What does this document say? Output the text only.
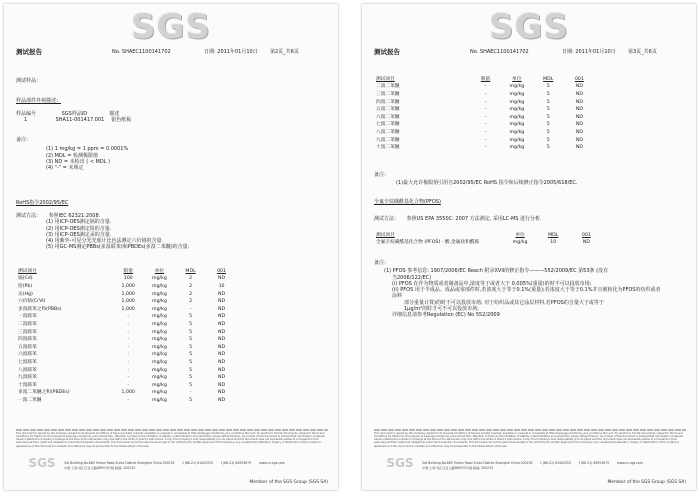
SGS
测试报告	No. SHAEC1100141702	日期: 2011年01月10日 第2页_共6页
测试样品：
样品部件外观描述：
样品编号	SGS样品ID	描述
1	SHA11-001417.001 银色纸板
备注：
(1) 1 mg/kg = 1 ppm = 0.0001%
(2) MDL = 检测极限值
(3) ND = 未检出 ( < MDL )
(4) "-" = 未规定
RoHS指令2002/95/EC
测试方法： 参照IEC 62321:2008.
(1) 用ICP-OES测定镉的含量.
(2) 用ICP-OES测定铅的含量.
(3) 用ICP-OES测定汞的含量.
(4) 用紫外-可见分光光度计比色法测定六价铬的含量.
(5) 用GC-MS测定PBBs(多溴联苯)和PBDEs(多溴二苯醚)的含量.
测试项目	限值	单位	MDL	001
镉(Cd)	100	mg/kg	2	ND
铅(Pb)	1,000	mg/kg	2	10
汞(Hg)	1,000	mg/kg	2	ND
六价铬(CrVI)	1,000	mg/kg	2	ND
多溴联苯之和(PBBs)	1,000	mg/kg	-	ND
一溴联苯	-	mg/kg	5	ND
二溴联苯	-	mg/kg	5	ND
三溴联苯	-	mg/kg	5	ND
四溴联苯	-	mg/kg	5	ND
五溴联苯	-	mg/kg	5	ND
六溴联苯	-	mg/kg	5	ND
七溴联苯	-	mg/kg	5	ND
八溴联苯	-	mg/kg	5	ND
九溴联苯	-	mg/kg	5	ND
十溴联苯	-	mg/kg	5	ND
多溴二苯醚之和(PBDEs)	1,000	mg/kg	-	ND
一溴二苯醚	-	mg/kg	5	ND
This document is issued by the Company subject to its General Conditions of Service printed overleaf, available on request or accessible at http://www.sgs.com/terms_and_conditions.htm and, for electronic format documents, subject to Terms and Conditions for Electronic Documents at www.sgs.com/terms_e-document.htm. Attention is drawn to the limitation of liability, indemnification and jurisdiction issues defined therein. Any holder of this document is advised that information contained hereon reflects the Company's findings at the time of its intervention only and within the limits of Client's instructions, if any. The Company's sole responsibility is to its Client and this document does not exonerate parties to a transaction from exercising all their rights and obligations under the transaction documents. This document cannot be reproduced except in full, without prior written approval of the Company. Any unauthorized alteration, forgery or falsification of the content or appearance of this document is unlawful and offenders may be prosecuted to the fullest extent of the law.
SGS	3rd Building,No.889 Yishan Road Xuhui District Shanghai China 200233	t (86-21) 61402553	f (86-21) 64953679	www.cn.sgs.com
中国·上海·徐汇区宜山路889号3号楼 邮编: 200233
Member of the SGS Group (SGS SA)
SGS
测试报告	No. SHAEC1100141702	日期: 2011年01月10日 第3页_共6页
测试项目	限值	单位	MDL	001
二溴二苯醚	-	mg/kg	5	ND
三溴二苯醚	-	mg/kg	5	ND
四溴二苯醚	-	mg/kg	5	ND
五溴二苯醚	-	mg/kg	5	ND
六溴二苯醚	-	mg/kg	5	ND
七溴二苯醚	-	mg/kg	5	ND
八溴二苯醚	-	mg/kg	5	ND
九溴二苯醚	-	mg/kg	5	ND
十溴二苯醚	-	mg/kg	5	ND
备注：
(1)最大允许极限值引用自2002/95/EC RoHS 指令和后续修正指令2005/618/EC.
全氟辛烷磺酰基化合物(PFOS)
测试方法： 参照US EPA 3550C: 2007 方法测定, 采用LC-MS 进行分析.
测试项目	单位	MDL	001
全氟辛烷磺酰基化合物 (PFOS) - 酸,金属盐和酰胺	mg/kg	10	ND
备注：
(1) PFOS 参考信息: 1907/2006/EC Reach 附录XVII的修正指令———552/2009/EC 第53条 (没有
当2006/122/EC)
(i) PFOS 在作为物质或者制备品中,浓度等于或者大于 0.005%(重量)的时不可以投放市场;
(ii) PFOS 用于半成品、成品或零部件时,若浓度大于等于0.1%(重量);若浓度大于等于0.1%并且被转化为PFOS的纺织或者涂料
部分重量计算)的时不可以投放市场; 对于纺织品或其它涂层材料,若PFOS的含量大于或等于
1μg/m²的时才可不可以投放市场;
详细信息请参考Regulation (EC) No 552/2009
This document is issued by the Company subject to its General Conditions of Service printed overleaf, available on request or accessible at http://www.sgs.com/terms_and_conditions.htm and, for electronic format documents, subject to Terms and Conditions for Electronic Documents at www.sgs.com/terms_e-document.htm. Attention is drawn to the limitation of liability, indemnification and jurisdiction issues defined therein. Any holder of this document is advised that information contained hereon reflects the Company's findings at the time of its intervention only and within the limits of Client's instructions, if any. The Company's sole responsibility is to its Client and this document does not exonerate parties to a transaction from exercising all their rights and obligations under the transaction documents. This document cannot be reproduced except in full, without prior written approval of the Company. Any unauthorized alteration, forgery or falsification of the content or appearance of this document is unlawful and offenders may be prosecuted to the fullest extent of the law.
SGS	3rd Building,No.889 Yishan Road Xuhui District Shanghai China 200233	t (86-21) 61402553	f (86-21) 64953679	www.cn.sgs.com
中国·上海·徐汇区宜山路889号3号楼 邮编: 200233
Member of the SGS Group (SGS SA)
